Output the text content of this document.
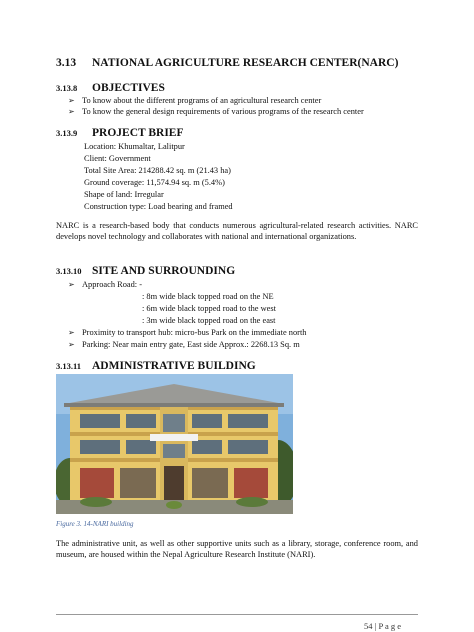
3.13 NATIONAL AGRICULTURE RESEARCH CENTER(NARC)
3.13.8 OBJECTIVES
➢ To know about the different programs of an agricultural research center
➢ To know the general design requirements of various programs of the research center
3.13.9 PROJECT BRIEF
Location: Khumaltar, Lalitpur
Client: Government
Total Site Area: 214288.42 sq. m (21.43 ha)
Ground coverage: 11,574.94 sq. m (5.4%)
Shape of land: Irregular
Construction type: Load bearing and framed
NARC is a research-based body that conducts numerous agricultural-related research activities. NARC develops novel technology and collaborates with national and international organizations.
3.13.10 SITE AND SURROUNDING
➢ Approach Road: -
: 8m wide black topped road on the NE
: 6m wide black topped road to the west
: 3m wide black topped road on the east
➢ Proximity to transport hub: micro-bus Park on the immediate north
➢ Parking: Near main entry gate, East side Approx.: 2268.13 Sq. m
3.13.11 ADMINISTRATIVE BUILDING
Figure 3. 14-NARI building
The administrative unit, as well as other supportive units such as a library, storage, conference room, and museum, are housed within the Nepal Agriculture Research Institute (NARI).
54 | P a g e
